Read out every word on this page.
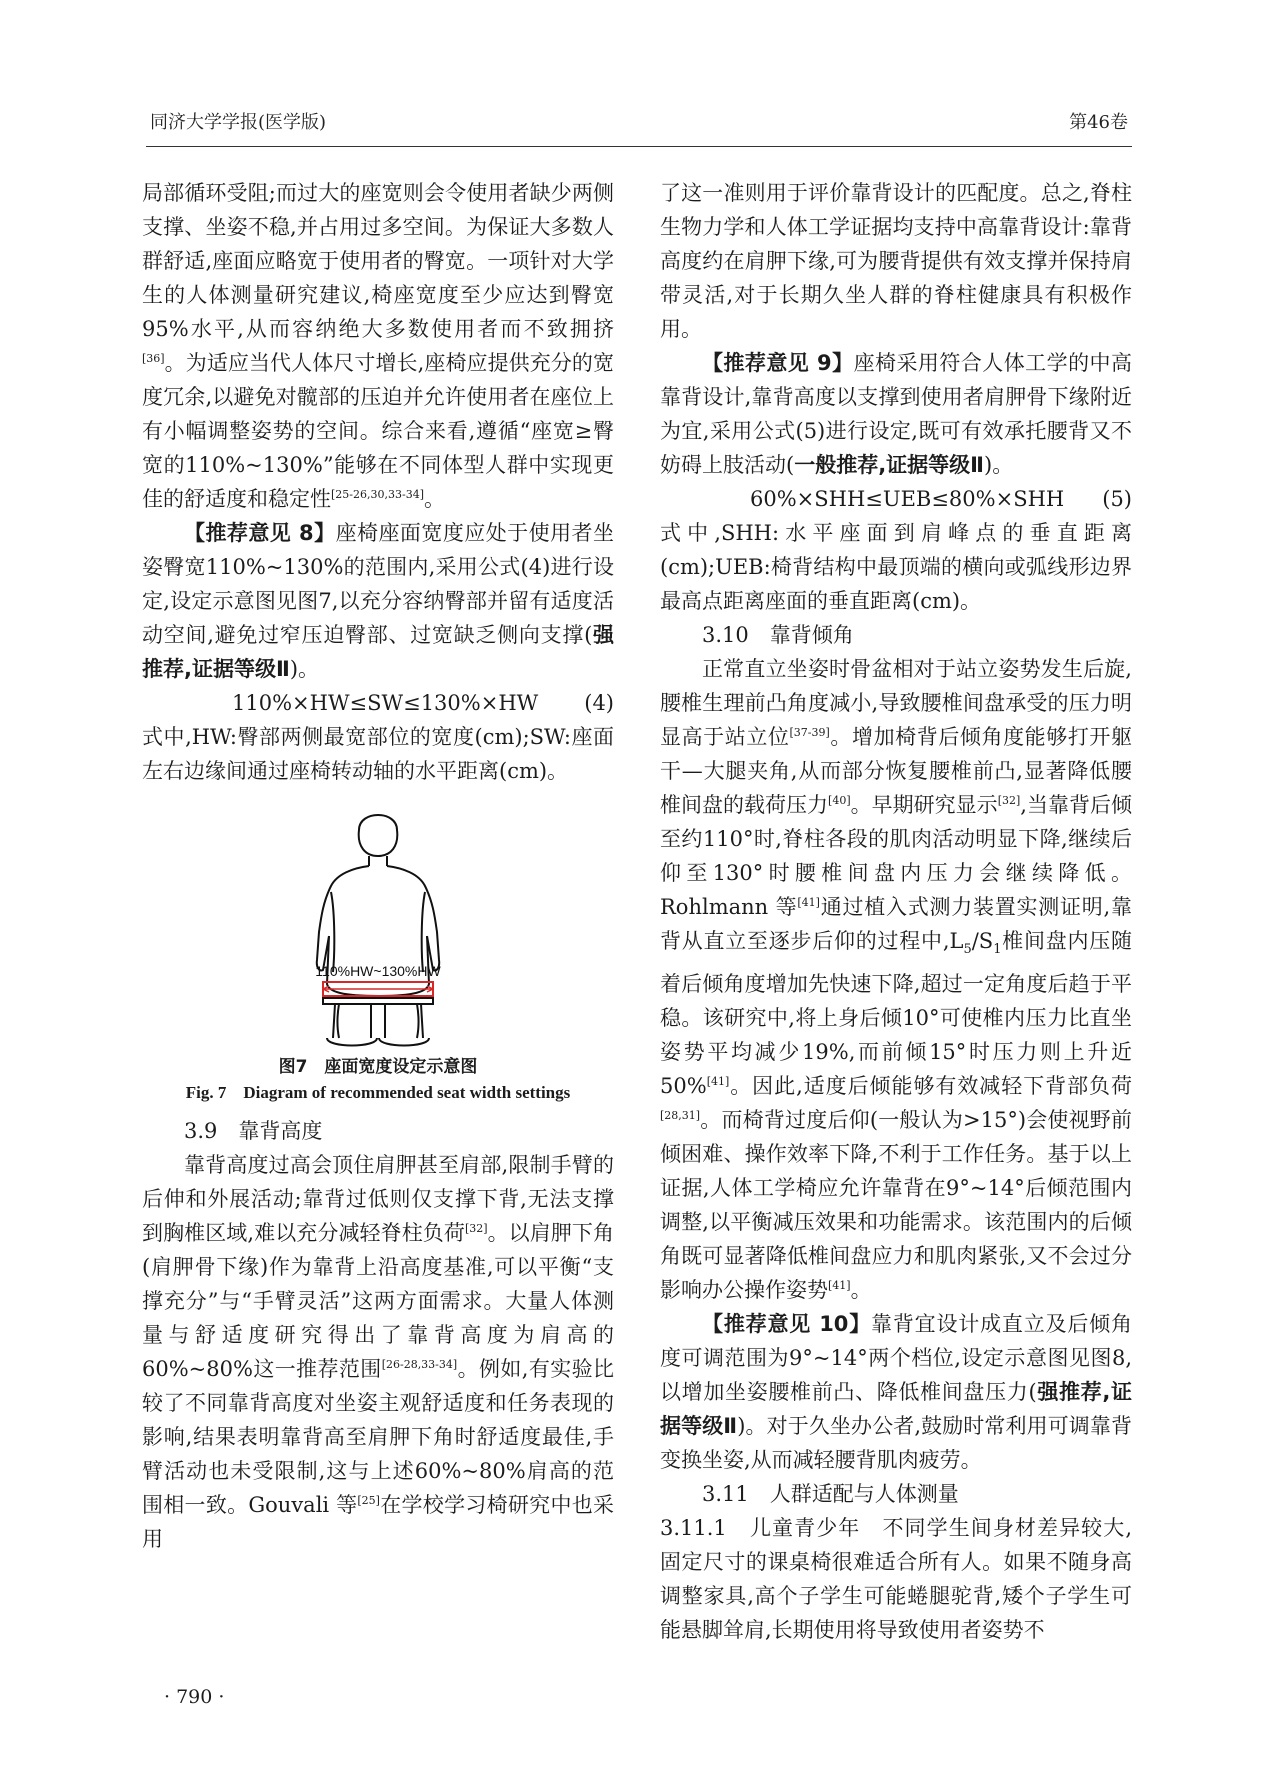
同济大学学报(医学版)	第46卷

局部循环受阻;而过大的座宽则会令使用者缺少两侧支撑、坐姿不稳,并占用过多空间。为保证大多数人群舒适,座面应略宽于使用者的臀宽。一项针对大学生的人体测量研究建议,椅座宽度至少应达到臀宽95%水平,从而容纳绝大多数使用者而不致拥挤[36]。为适应当代人体尺寸增长,座椅应提供充分的宽度冗余,以避免对髋部的压迫并允许使用者在座位上有小幅调整姿势的空间。综合来看,遵循“座宽≥臀宽的110%~130%”能够在不同体型人群中实现更佳的舒适度和稳定性[25-26,30,33-34]。

【推荐意见 8】座椅座面宽度应处于使用者坐姿臀宽110%~130%的范围内,采用公式(4)进行设定,设定示意图见图7,以充分容纳臀部并留有适度活动空间,避免过窄压迫臀部、过宽缺乏侧向支撑(强推荐,证据等级Ⅱ)。

110%×HW≤SW≤130%×HW (4)

式中,HW:臀部两侧最宽部位的宽度(cm);SW:座面左右边缘间通过座椅转动轴的水平距离(cm)。

110%HW~130%HW
图7　座面宽度设定示意图
Fig. 7　Diagram of recommended seat width settings

3.9　靠背高度

靠背高度过高会顶住肩胛甚至肩部,限制手臂的后伸和外展活动;靠背过低则仅支撑下背,无法支撑到胸椎区域,难以充分减轻脊柱负荷[32]。以肩胛下角(肩胛骨下缘)作为靠背上沿高度基准,可以平衡“支撑充分”与“手臂灵活”这两方面需求。大量人体测量与舒适度研究得出了靠背高度为肩高的60%~80%这一推荐范围[26-28,33-34]。例如,有实验比较了不同靠背高度对坐姿主观舒适度和任务表现的影响,结果表明靠背高至肩胛下角时舒适度最佳,手臂活动也未受限制,这与上述60%~80%肩高的范围相一致。Gouvali 等[25]在学校学习椅研究中也采用

了这一准则用于评价靠背设计的匹配度。总之,脊柱生物力学和人体工学证据均支持中高靠背设计:靠背高度约在肩胛下缘,可为腰背提供有效支撑并保持肩带灵活,对于长期久坐人群的脊柱健康具有积极作用。

【推荐意见 9】座椅采用符合人体工学的中高靠背设计,靠背高度以支撑到使用者肩胛骨下缘附近为宜,采用公式(5)进行设定,既可有效承托腰背又不妨碍上肢活动(一般推荐,证据等级Ⅱ)。

60%×SHH≤UEB≤80%×SHH (5)

式中,SHH:水平座面到肩峰点的垂直距离(cm);UEB:椅背结构中最顶端的横向或弧线形边界最高点距离座面的垂直距离(cm)。

3.10　靠背倾角

正常直立坐姿时骨盆相对于站立姿势发生后旋,腰椎生理前凸角度减小,导致腰椎间盘承受的压力明显高于站立位[37-39]。增加椅背后倾角度能够打开躯干—大腿夹角,从而部分恢复腰椎前凸,显著降低腰椎间盘的载荷压力[40]。早期研究显示[32],当靠背后倾至约110°时,脊柱各段的肌肉活动明显下降,继续后仰至130°时腰椎间盘内压力会继续降低。Rohlmann 等[41]通过植入式测力装置实测证明,靠背从直立至逐步后仰的过程中$,L_5/S_1$椎间盘内压随着后倾角度增加先快速下降,超过一定角度后趋于平稳。该研究中,将上身后倾10°可使椎内压力比直坐姿势平均减少19%,而前倾15°时压力则上升近50%[41]。因此,适度后倾能够有效减轻下背部负荷[28,31]。而椅背过度后仰(一般认为>15°)会使视野前倾困难、操作效率下降,不利于工作任务。基于以上证据,人体工学椅应允许靠背在9°~14°后倾范围内调整,以平衡减压效果和功能需求。该范围内的后倾角既可显著降低椎间盘应力和肌肉紧张,又不会过分影响办公操作姿势[41]。

【推荐意见 10】靠背宜设计成直立及后倾角度可调范围为9°~14°两个档位,设定示意图见图8,以增加坐姿腰椎前凸、降低椎间盘压力(强推荐,证据等级Ⅱ)。对于久坐办公者,鼓励时常利用可调靠背变换坐姿,从而减轻腰背肌肉疲劳。

3.11　人群适配与人体测量

3.11.1　儿童青少年　 不同学生间身材差异较大,固定尺寸的课桌椅很难适合所有人。如果不随身高调整家具,高个子学生可能蜷腿驼背,矮个子学生可能悬脚耸肩,长期使用将导致使用者姿势不

· 790 ·
